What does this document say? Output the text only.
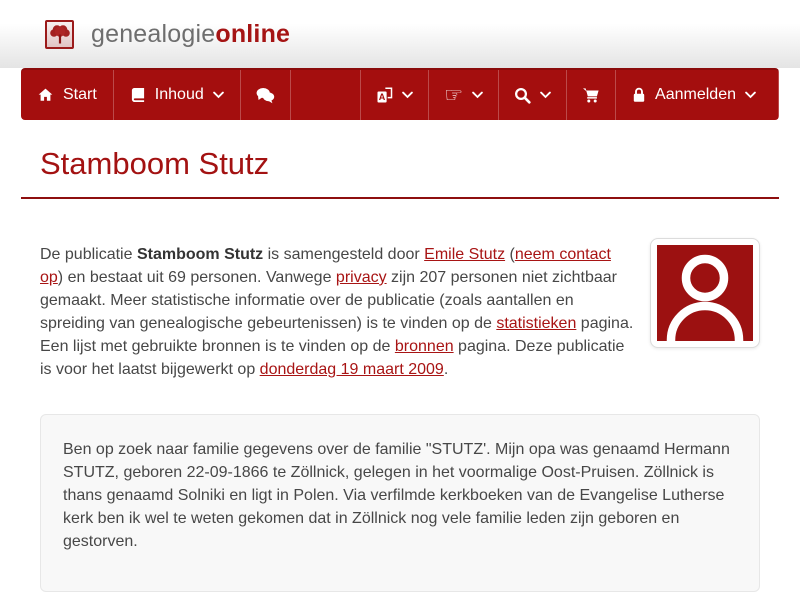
genealogieonline
Start	Inhoud	A	☞	Aanmelden
Stamboom Stutz

De publicatie Stamboom Stutz is samengesteld door Emile Stutz (neem contact op) en bestaat uit 69 personen. Vanwege privacy zijn 207 personen niet zichtbaar gemaakt. Meer statistische informatie over de publicatie (zoals aantallen en spreiding van genealogische gebeurtenissen) is te vinden op de statistieken pagina. Een lijst met gebruikte bronnen is te vinden op de bronnen pagina. Deze publicatie is voor het laatst bijgewerkt op donderdag 19 maart 2009.

Ben op zoek naar familie gegevens over de familie "STUTZ'. Mijn opa was genaamd Hermann STUTZ, geboren 22-09-1866 te Zöllnick, gelegen in het voormalige Oost-Pruisen. Zöllnick is thans genaamd Solniki en ligt in Polen. Via verfilmde kerkboeken van de Evangelise Lutherse kerk ben ik wel te weten gekomen dat in Zöllnick nog vele familie leden zijn geboren en gestorven.
